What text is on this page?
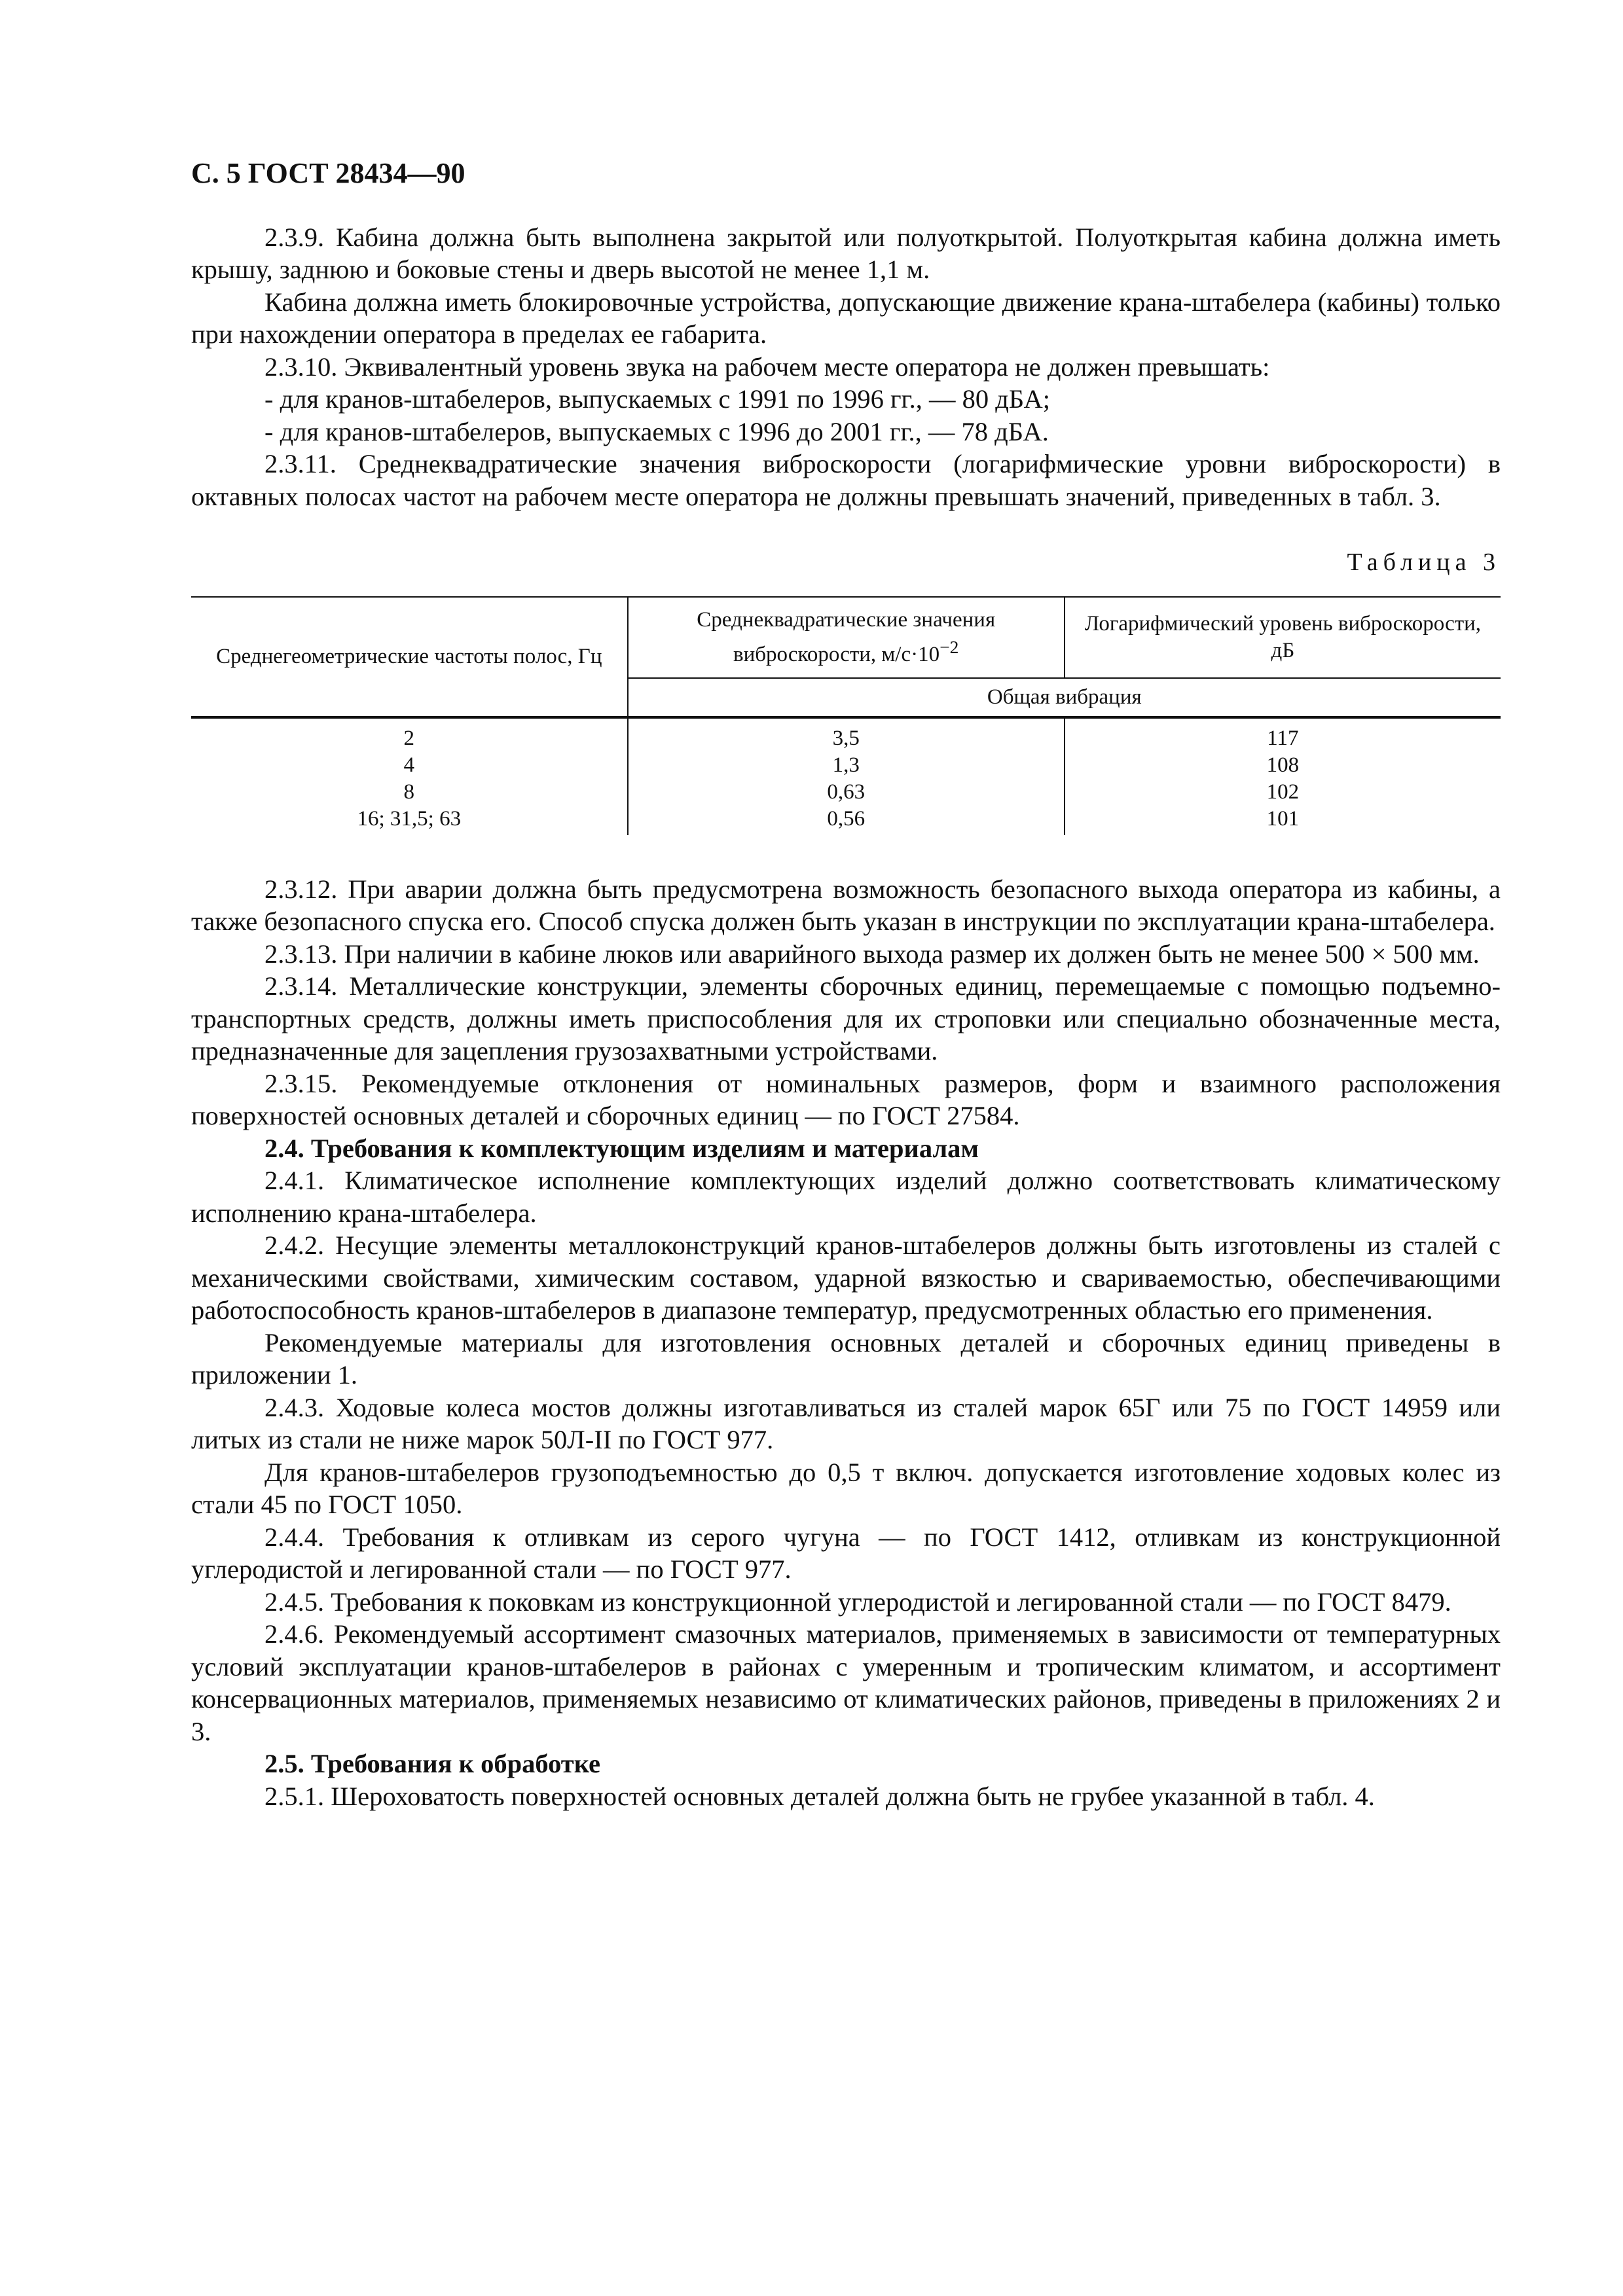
С. 5 ГОСТ 28434—90

2.3.9. Кабина должна быть выполнена закрытой или полуоткрытой. Полуоткрытая кабина должна иметь крышу, заднюю и боковые стены и дверь высотой не менее 1,1 м.

Кабина должна иметь блокировочные устройства, допускающие движение крана-штабелера (кабины) только при нахождении оператора в пределах ее габарита.

2.3.10. Эквивалентный уровень звука на рабочем месте оператора не должен превышать:

- для кранов-штабелеров, выпускаемых с 1991 по 1996 гг., — 80 дБА;

- для кранов-штабелеров, выпускаемых с 1996 до 2001 гг., — 78 дБА.

2.3.11. Среднеквадратические значения виброскорости (логарифмические уровни виброскорости) в октавных полосах частот на рабочем месте оператора не должны превышать значений, приведенных в табл. 3.

Таблица 3
Среднегеометрические частоты полос, Гц	Среднеквадратические значения виброскорости, $м/с\cdot 10^{-2}$	Логарифмический уровень виброскорости, дБ
	Общая вибрация	
2	3,5	117
4	1,3	108
8	0,63	102
16; 31,5; 63	0,56	101

2.3.12. При аварии должна быть предусмотрена возможность безопасного выхода оператора из кабины, а также безопасного спуска его. Способ спуска должен быть указан в инструкции по эксплуатации крана-штабелера.

2.3.13. При наличии в кабине люков или аварийного выхода размер их должен быть не менее 500 × 500 мм.

2.3.14. Металлические конструкции, элементы сборочных единиц, перемещаемые с помощью подъемно-транспортных средств, должны иметь приспособления для их строповки или специально обозначенные места, предназначенные для зацепления грузозахватными устройствами.

2.3.15. Рекомендуемые отклонения от номинальных размеров, форм и взаимного расположения поверхностей основных деталей и сборочных единиц — по ГОСТ 27584.

2.4. Требования к комплектующим изделиям и материалам

2.4.1. Климатическое исполнение комплектующих изделий должно соответствовать климатическому исполнению крана-штабелера.

2.4.2. Несущие элементы металлоконструкций кранов-штабелеров должны быть изготовлены из сталей с механическими свойствами, химическим составом, ударной вязкостью и свариваемостью, обеспечивающими работоспособность кранов-штабелеров в диапазоне температур, предусмотренных областью его применения.

Рекомендуемые материалы для изготовления основных деталей и сборочных единиц приведены в приложении 1.

2.4.3. Ходовые колеса мостов должны изготавливаться из сталей марок 65Г или 75 по ГОСТ 14959 или литых из стали не ниже марок 50Л-II по ГОСТ 977.

Для кранов-штабелеров грузоподъемностью до 0,5 т включ. допускается изготовление ходовых колес из стали 45 по ГОСТ 1050.

2.4.4. Требования к отливкам из серого чугуна — по ГОСТ 1412, отливкам из конструкционной углеродистой и легированной стали — по ГОСТ 977.

2.4.5. Требования к поковкам из конструкционной углеродистой и легированной стали — по ГОСТ 8479.

2.4.6. Рекомендуемый ассортимент смазочных материалов, применяемых в зависимости от температурных условий эксплуатации кранов-штабелеров в районах с умеренным и тропическим климатом, и ассортимент консервационных материалов, применяемых независимо от климатических районов, приведены в приложениях 2 и 3.

2.5. Требования к обработке

2.5.1. Шероховатость поверхностей основных деталей должна быть не грубее указанной в табл. 4.
